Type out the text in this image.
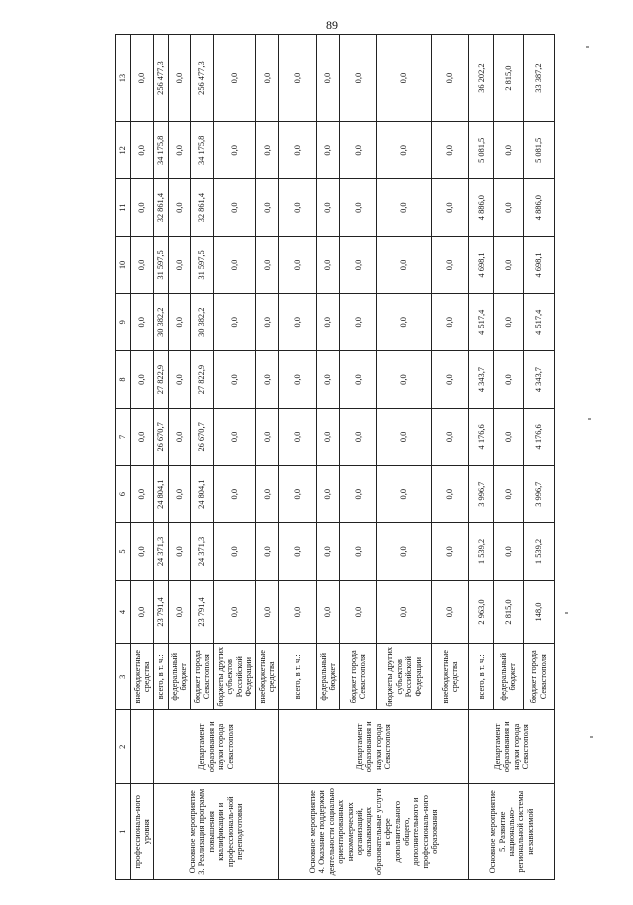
89
1	2	3	4	5	6	7	8	9	10	11	12	13
профессиональ-ного уровня		внебюджетные средства	0,0	0,0	0,0	0,0	0,0	0,0	0,0	0,0	0,0	0,0
Основное мероприятие 3. Реализация программ повышения квалификации и профессиональ-ной переподготовки	Департамент образования и науки города Севастополя	всего, в т. ч.:	23 791,4	24 371,3	24 804,1	26 670,7	27 822,9	30 382,2	31 597,5	32 861,4	34 175,8	256 477,3
		федеральный бюджет	0,0	0,0	0,0	0,0	0,0	0,0	0,0	0,0	0,0	0,0
		бюджет города Севастополя	23 791,4	24 371,3	24 804,1	26 670,7	27 822,9	30 382,2	31 597,5	32 861,4	34 175,8	256 477,3
		бюджеты других субъектов Российской Федерации	0,0	0,0	0,0	0,0	0,0	0,0	0,0	0,0	0,0	0,0
		внебюджетные средства	0,0	0,0	0,0	0,0	0,0	0,0	0,0	0,0	0,0	0,0
Основное мероприятие 4. Оказание поддержки деятельности социально ориентированных некоммерческих организаций, оказывающих образовательные услуги в сфере дополнительного общего, дополнительного и профессиональ-ного образования	Департамент образования и науки города Севастополя	всего, в т. ч.:	0,0	0,0	0,0	0,0	0,0	0,0	0,0	0,0	0,0	0,0
		федеральный бюджет	0,0	0,0	0,0	0,0	0,0	0,0	0,0	0,0	0,0	0,0
		бюджет города Севастополя	0,0	0,0	0,0	0,0	0,0	0,0	0,0	0,0	0,0	0,0
		бюджеты других субъектов Российской Федерации	0,0	0,0	0,0	0,0	0,0	0,0	0,0	0,0	0,0	0,0
		внебюджетные средства	0,0	0,0	0,0	0,0	0,0	0,0	0,0	0,0	0,0	0,0
Основное мероприятие 5. Развитие национально-региональной системы независимой	Департамент образования и науки города Севастополя	всего, в т. ч.:	2 963,0	1 539,2	3 996,7	4 176,6	4 343,7	4 517,4	4 698,1	4 886,0	5 081,5	36 202,2
		федеральный бюджет	2 815,0	0,0	0,0	0,0	0,0	0,0	0,0	0,0	0,0	2 815,0
		бюджет города Севастополя	148,0	1 539,2	3 996,7	4 176,6	4 343,7	4 517,4	4 698,1	4 886,0	5 081,5	33 387,2
